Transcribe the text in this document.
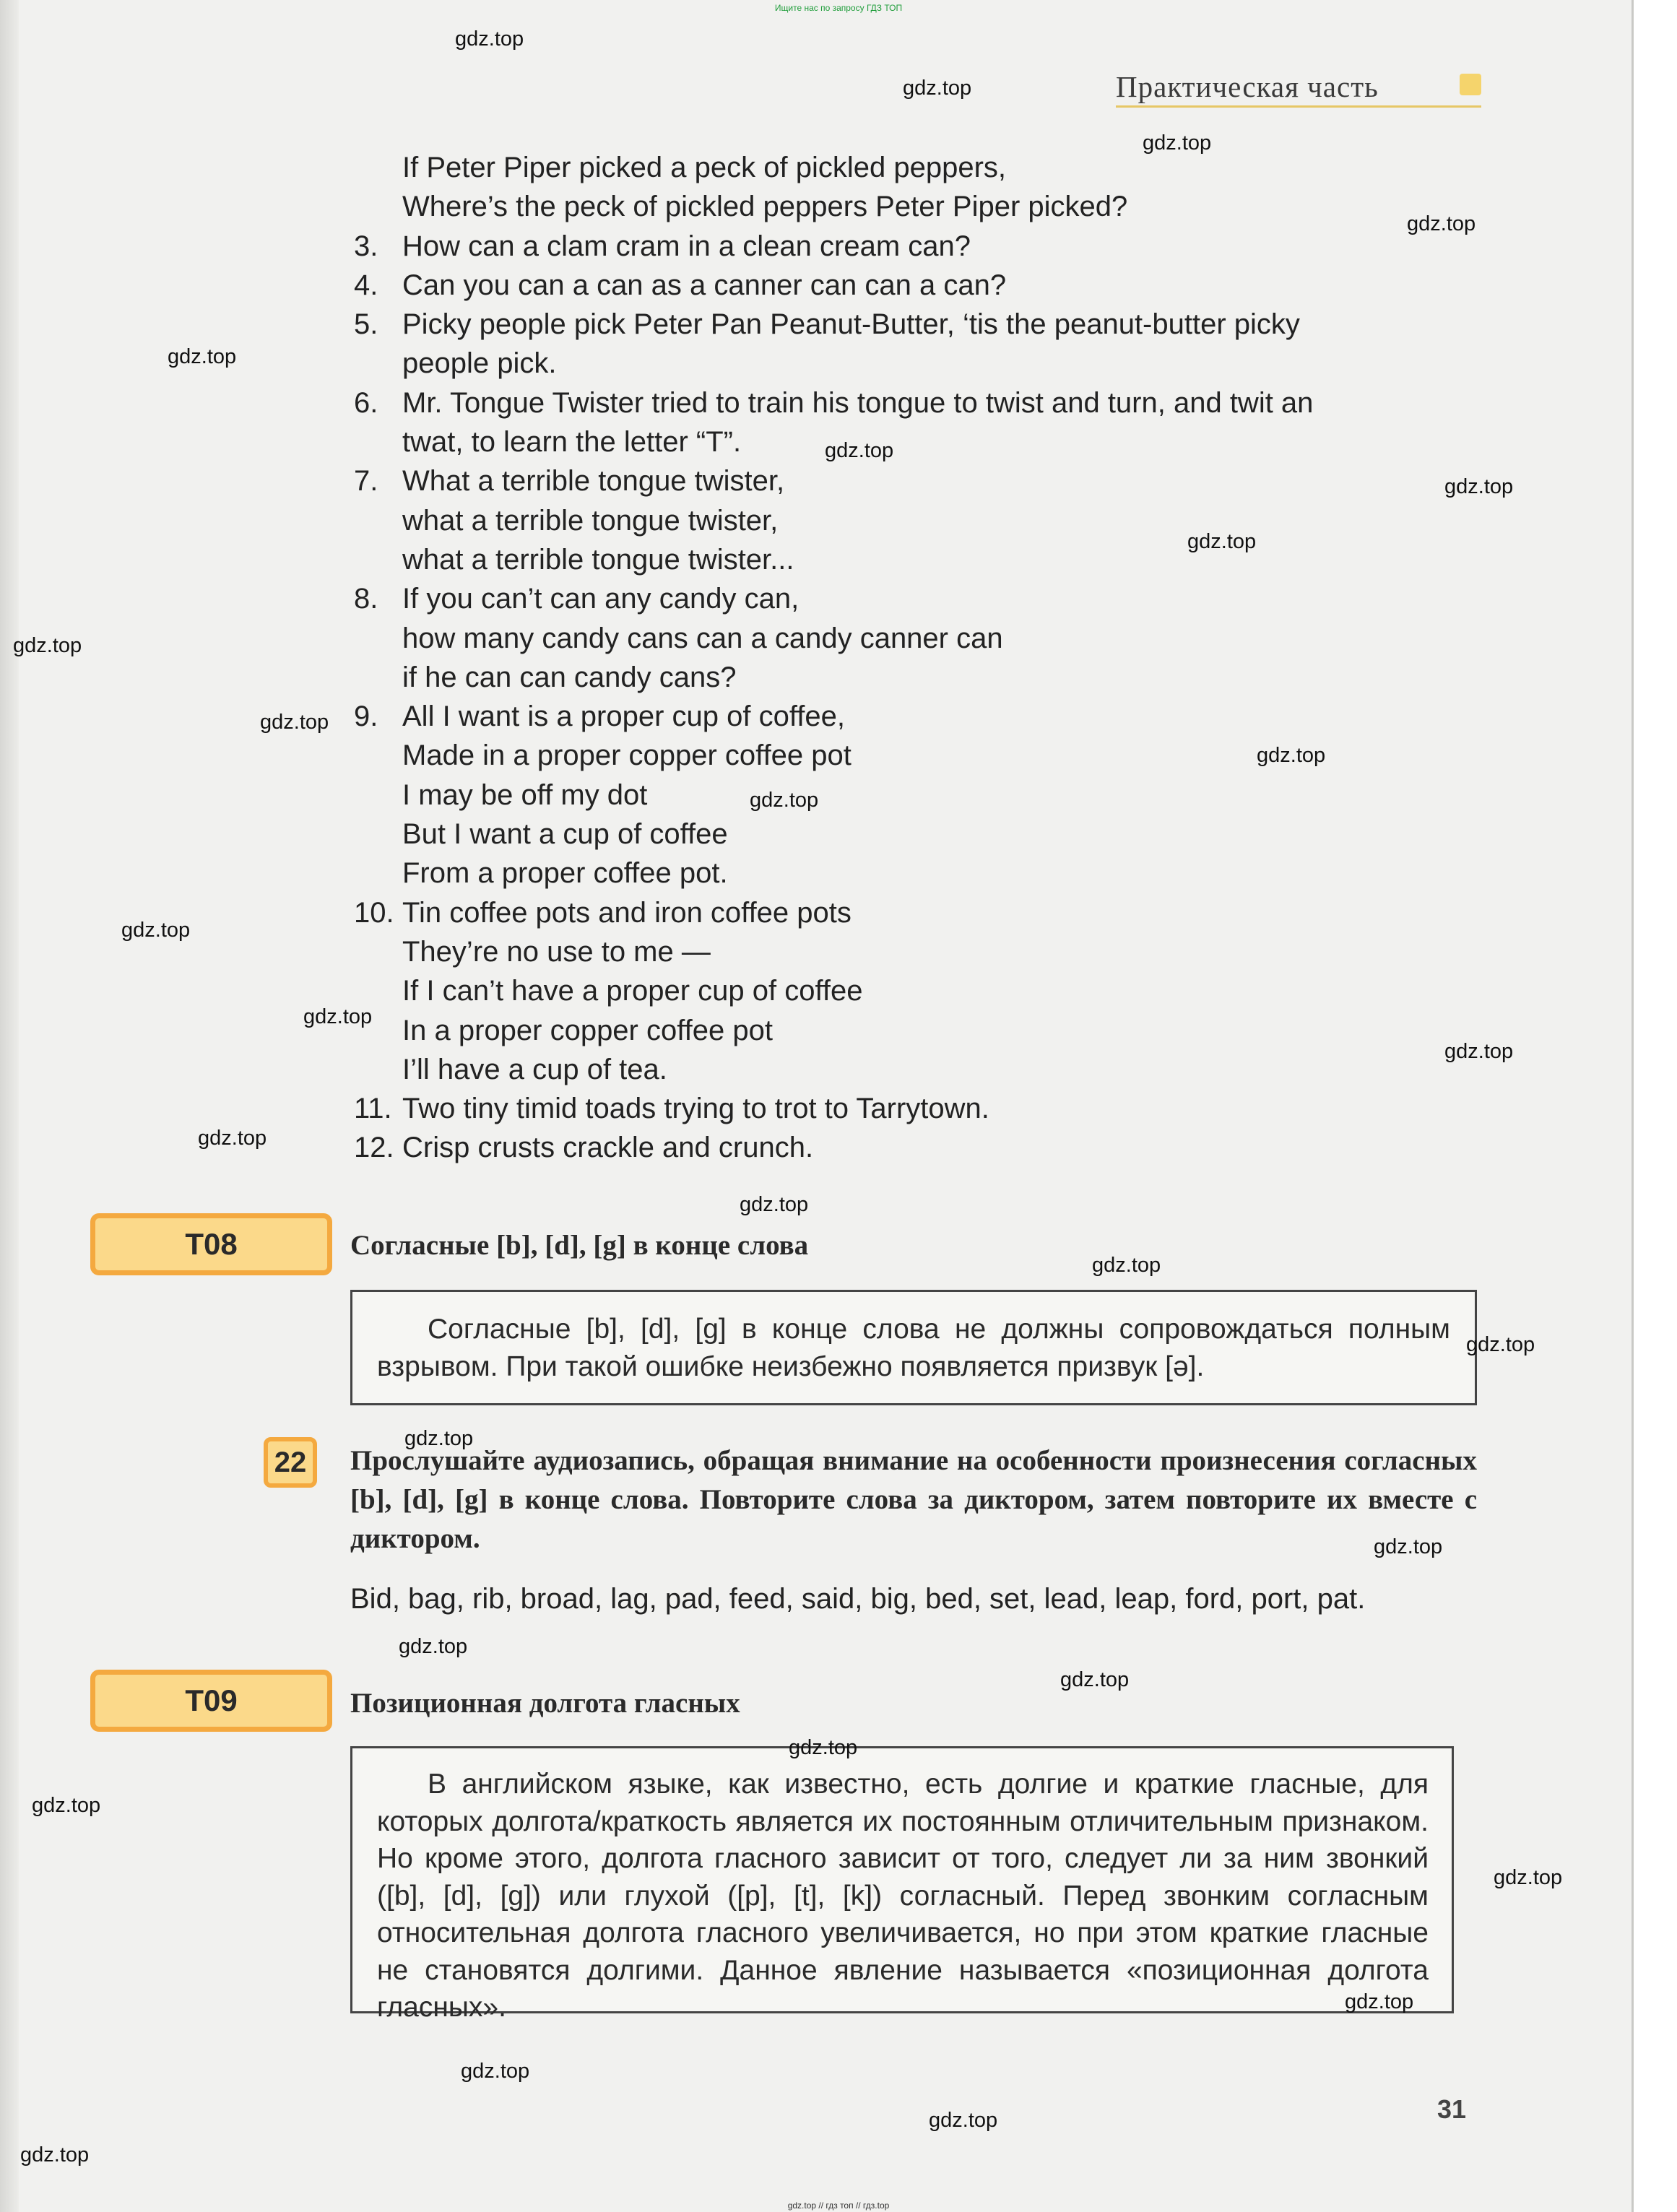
Ищите нас по запросу ГДЗ ТОП
Практическая часть
If Peter Piper picked a peck of pickled peppers,
Where’s the peck of pickled peppers Peter Piper picked?
3. How can a clam cram in a clean cream can?
4. Can you can a can as a canner can can a can?
5. Picky people pick Peter Pan Peanut-Butter, ‘tis the peanut-butter picky
people pick.
6. Mr. Tongue Twister tried to train his tongue to twist and turn, and twit an
twat, to learn the letter “T”.
7. What a terrible tongue twister,
what a terrible tongue twister,
what a terrible tongue twister...
8. If you can’t can any candy can,
how many candy cans can a candy canner can
if he can can candy cans?
9. All I want is a proper cup of coffee,
Made in a proper copper coffee pot
I may be off my dot
But I want a cup of coffee
From a proper coffee pot.
10. Tin coffee pots and iron coffee pots
They’re no use to me —
If I can’t have a proper cup of coffee
In a proper copper coffee pot
I’ll have a cup of tea.
11. Two tiny timid toads trying to trot to Tarrytown.
12. Crisp crusts crackle and crunch.
T08	Согласные [b], [d], [g] в конце слова

Согласные [b], [d], [g] в конце слова не должны сопровождаться полным взрывом. При такой ошибке неизбежно появляется призвук [ə].

22	Прослушайте аудиозапись, обращая внимание на особенности произнесения согласных [b], [d], [g] в конце слова. Повторите слова за диктором, затем повторите их вместе с диктором.
Bid, bag, rib, broad, lag, pad, feed, said, big, bed, set, lead, leap, ford, port, pat.
T09	Позиционная долгота гласных

В английском языке, как известно, есть долгие и краткие гласные, для которых долгота/краткость является их постоянным отличительным признаком. Но кроме этого, долгота гласного зависит от того, следует ли за ним звонкий ([b], [d], [g]) или глухой ([p], [t], [k]) согласный. Перед звонким согласным относительная долгота гласного увеличивается, но при этом краткие гласные не становятся долгими. Данное явление называется «позиционная долгота гласных».

31
gdz.top
gdz.top
gdz.top
gdz.top
gdz.top
gdz.top
gdz.top
gdz.top
gdz.top
gdz.top
gdz.top
gdz.top
gdz.top
gdz.top
gdz.top
gdz.top
gdz.top
gdz.top
gdz.top
gdz.top
gdz.top
gdz.top
gdz.top
gdz.top
gdz.top
gdz.top
gdz.top
gdz.top
gdz.top
gdz.top
gdz.top // гдз топ // гдз.top
